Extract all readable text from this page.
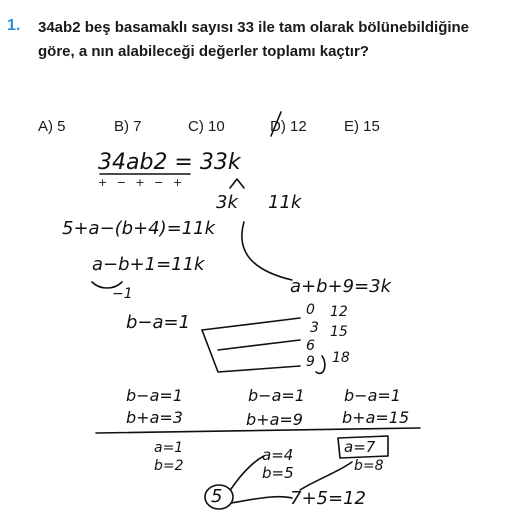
1. 34ab2 beş basamaklı sayısı 33 ile tam olarak bölünebildiğine göre, a nın alabileceği değerler toplamı kaçtır?
A) 5	B) 7	C) 10	D) 12 E) 15
34ab2 = 33k
+ − + − +
3k 11k
5+a−(b+4)=11k
a−b+1=11k
−1
b−a=1
a+b+9=3k
0
3
6
9
12
15
18
b−a=1
b+a=3
a=1
b=2
b−a=1
b+a=9
a=4
b=5
b−a=1
b+a=15
a=7
b=8
5	7+5=12
